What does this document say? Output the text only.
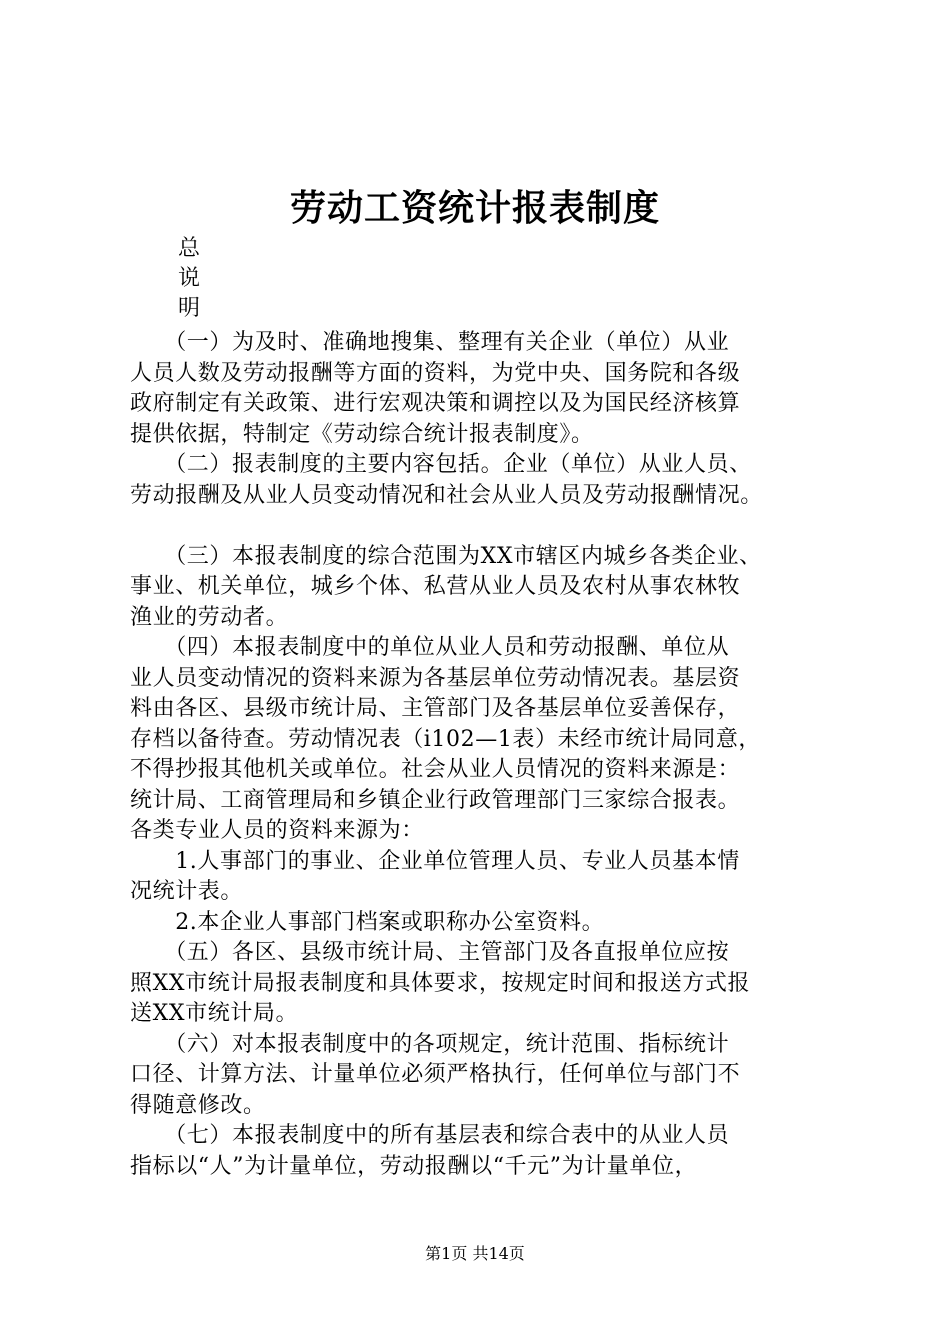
劳动工资统计报表制度
总
说
明

　　（一）为及时、准确地搜集、整理有关企业（单位）从业

人员人数及劳动报酬等方面的资料，为党中央、国务院和各级

政府制定有关政策、进行宏观决策和调控以及为国民经济核算

提供依据，特制定《劳动综合统计报表制度》。

　　（二）报表制度的主要内容包括。企业（单位）从业人员、

劳动报酬及从业人员变动情况和社会从业人员及劳动报酬情况。

　　（三）本报表制度的综合范围为XX市辖区内城乡各类企业、

事业、机关单位，城乡个体、私营从业人员及农村从事农林牧

渔业的劳动者。

　　（四）本报表制度中的单位从业人员和劳动报酬、单位从

业人员变动情况的资料来源为各基层单位劳动情况表。基层资

料由各区、县级市统计局、主管部门及各基层单位妥善保存，

存档以备待查。劳动情况表（i102—1表）未经市统计局同意，

不得抄报其他机关或单位。社会从业人员情况的资料来源是：

统计局、工商管理局和乡镇企业行政管理部门三家综合报表。

各类专业人员的资料来源为：

　　1.人事部门的事业、企业单位管理人员、专业人员基本情

况统计表。

　　2.本企业人事部门档案或职称办公室资料。

　　（五）各区、县级市统计局、主管部门及各直报单位应按

照XX市统计局报表制度和具体要求，按规定时间和报送方式报

送XX市统计局。

　　（六）对本报表制度中的各项规定，统计范围、指标统计

口径、计算方法、计量单位必须严格执行，任何单位与部门不

得随意修改。

　　（七）本报表制度中的所有基层表和综合表中的从业人员

指标以“人”为计量单位，劳动报酬以“千元”为计量单位，

第1页 共14页
